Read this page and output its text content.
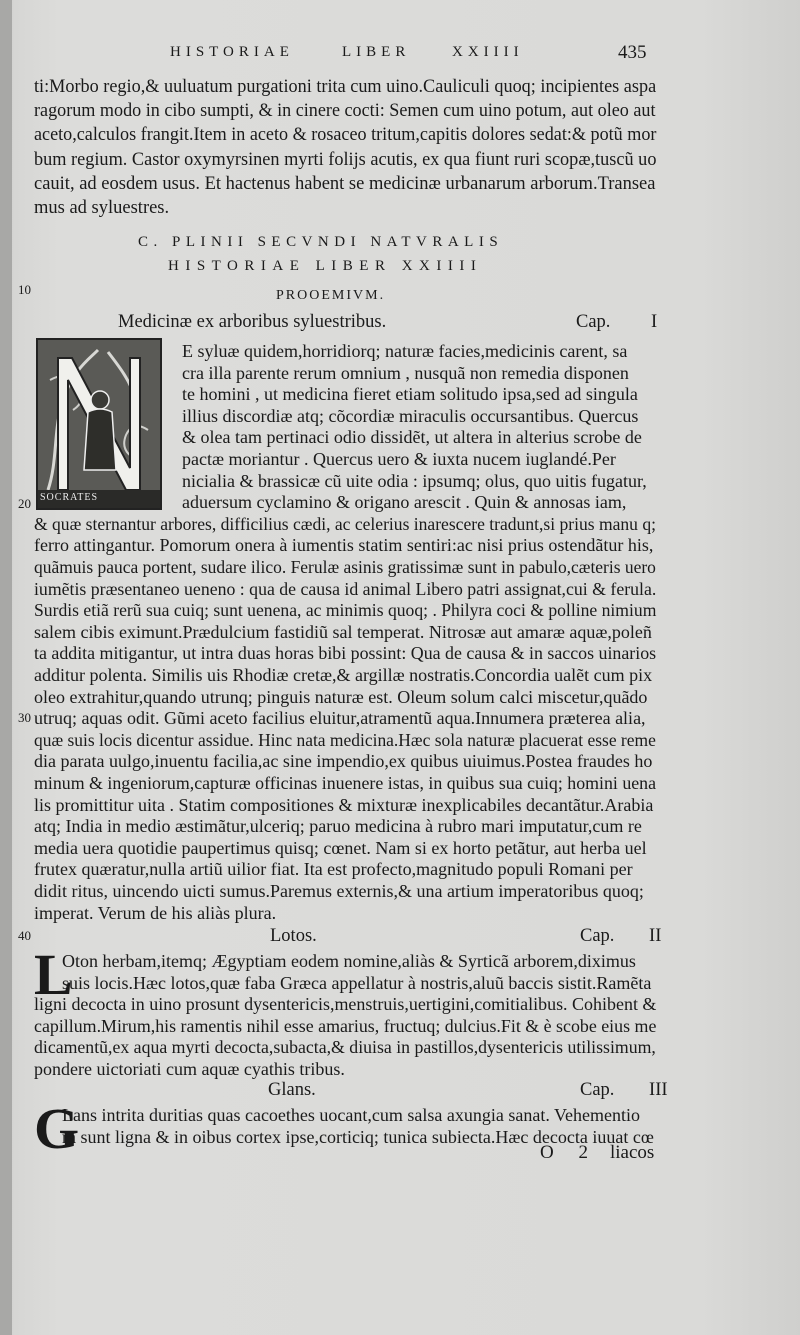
HISTORIAE	LIBER	XXIIII	435
ti:Morbo regio,& uuluatum purgationi trita cum uino.Cauliculi quoq; incipientes aspa
ragorum modo in cibo sumpti, & in cinere cocti: Semen cum uino potum, aut oleo aut
aceto,calculos frangit.Item in aceto & rosaceo tritum,capitis dolores sedat:& potũ mor
bum regium. Castor oxymyrsinen myrti folijs acutis, ex qua fiunt ruri scopæ,tuscũ uo
cauit, ad eosdem usus. Et hactenus habent se medicinæ urbanarum arborum.Transea
mus ad syluestres.
C. PLINII SECVNDI NATVRALIS
HISTORIAE LIBER XXIIII
10	PROOEMIVM.
Medicinæ ex arboribus syluestribus.	Cap. I
SOCRATES
E syluæ quidem,horridiorq; naturæ facies,medicinis carent, sa
cra illa parente rerum omnium , nusquã non remedia disponen
te homini , ut medicina fieret etiam solitudo ipsa,sed ad singula
illius discordiæ atq; cõcordiæ miraculis occursantibus. Quercus
& olea tam pertinaci odio dissidẽt, ut altera in alterius scrobe de
pactæ moriantur . Quercus uero & iuxta nucem iuglandé.Per
nicialia & brassicæ cũ uite odia : ipsumq; olus, quo uitis fugatur,
aduersum cyclamino & origano arescit . Quin & annosas iam,
& quæ sternantur arbores, difficilius cædi, ac celerius inarescere tradunt,si prius manu q;
ferro attingantur. Pomorum onera à iumentis statim sentiri:ac nisi prius ostendãtur his,
quãmuis pauca portent, sudare ilico. Ferulæ asinis gratissimæ sunt in pabulo,cæteris uero
iumẽtis præsentaneo ueneno : qua de causa id animal Libero patri assignat,cui & ferula.
Surdis etiã rerũ sua cuiq; sunt uenena, ac minimis quoq; . Philyra coci & polline nimium
salem cibis eximunt.Prædulcium fastidiũ sal temperat. Nitrosæ aut amaræ aquæ,poleñ
ta addita mitigantur, ut intra duas horas bibi possint: Qua de causa & in saccos uinarios
additur polenta. Similis uis Rhodiæ cretæ,& argillæ nostratis.Concordia ualẽt cum pix
oleo extrahitur,quando utrunq; pinguis naturæ est. Oleum solum calci miscetur,quãdo
utruq; aquas odit. Gũmi aceto facilius eluitur,atramentũ aqua.Innumera præterea alia,
quæ suis locis dicentur assidue. Hinc nata medicina.Hæc sola naturæ placuerat esse reme
dia parata uulgo,inuentu facilia,ac sine impendio,ex quibus uiuimus.Postea fraudes ho
minum & ingeniorum,capturæ officinas inuenere istas, in quibus sua cuiq; homini uena
lis promittitur uita . Statim compositiones & mixturæ inexplicabiles decantãtur.Arabia
atq; India in medio æstimãtur,ulceriq; paruo medicina à rubro mari imputatur,cum re
media uera quotidie paupertimus quisq; cœnet. Nam si ex horto petãtur, aut herba uel
frutex quæratur,nulla artiũ uilior fiat. Ita est profecto,magnitudo populi Romani per
didit ritus, uincendo uicti sumus.Paremus externis,& una artium imperatoribus quoq;
imperat. Verum de his aliàs plura.
20
30
40	Lotos.	Cap. II
L
Oton herbam,itemq; Ægyptiam eodem nomine,aliàs & Syrticã arborem,diximus
suis locis.Hæc lotos,quæ faba Græca appellatur à nostris,aluũ baccis sistit.Ramẽta
ligni decocta in uino prosunt dysentericis,menstruis,uertigini,comitialibus. Cohibent &
capillum.Mirum,his ramentis nihil esse amarius, fructuq; dulcius.Fit & è scobe eius me
dicamentũ,ex aqua myrti decocta,subacta,& diuisa in pastillos,dysentericis utilissimum,
pondere uictoriati cum aquæ cyathis tribus.
Glans.	Cap. III
G
Lans intrita duritias quas cacoethes uocant,cum salsa axungia sanat. Vehementio
ra sunt ligna & in oibus cortex ipse,corticiq; tunica subiecta.Hæc decocta iuuat cœ
O 2 liacos
